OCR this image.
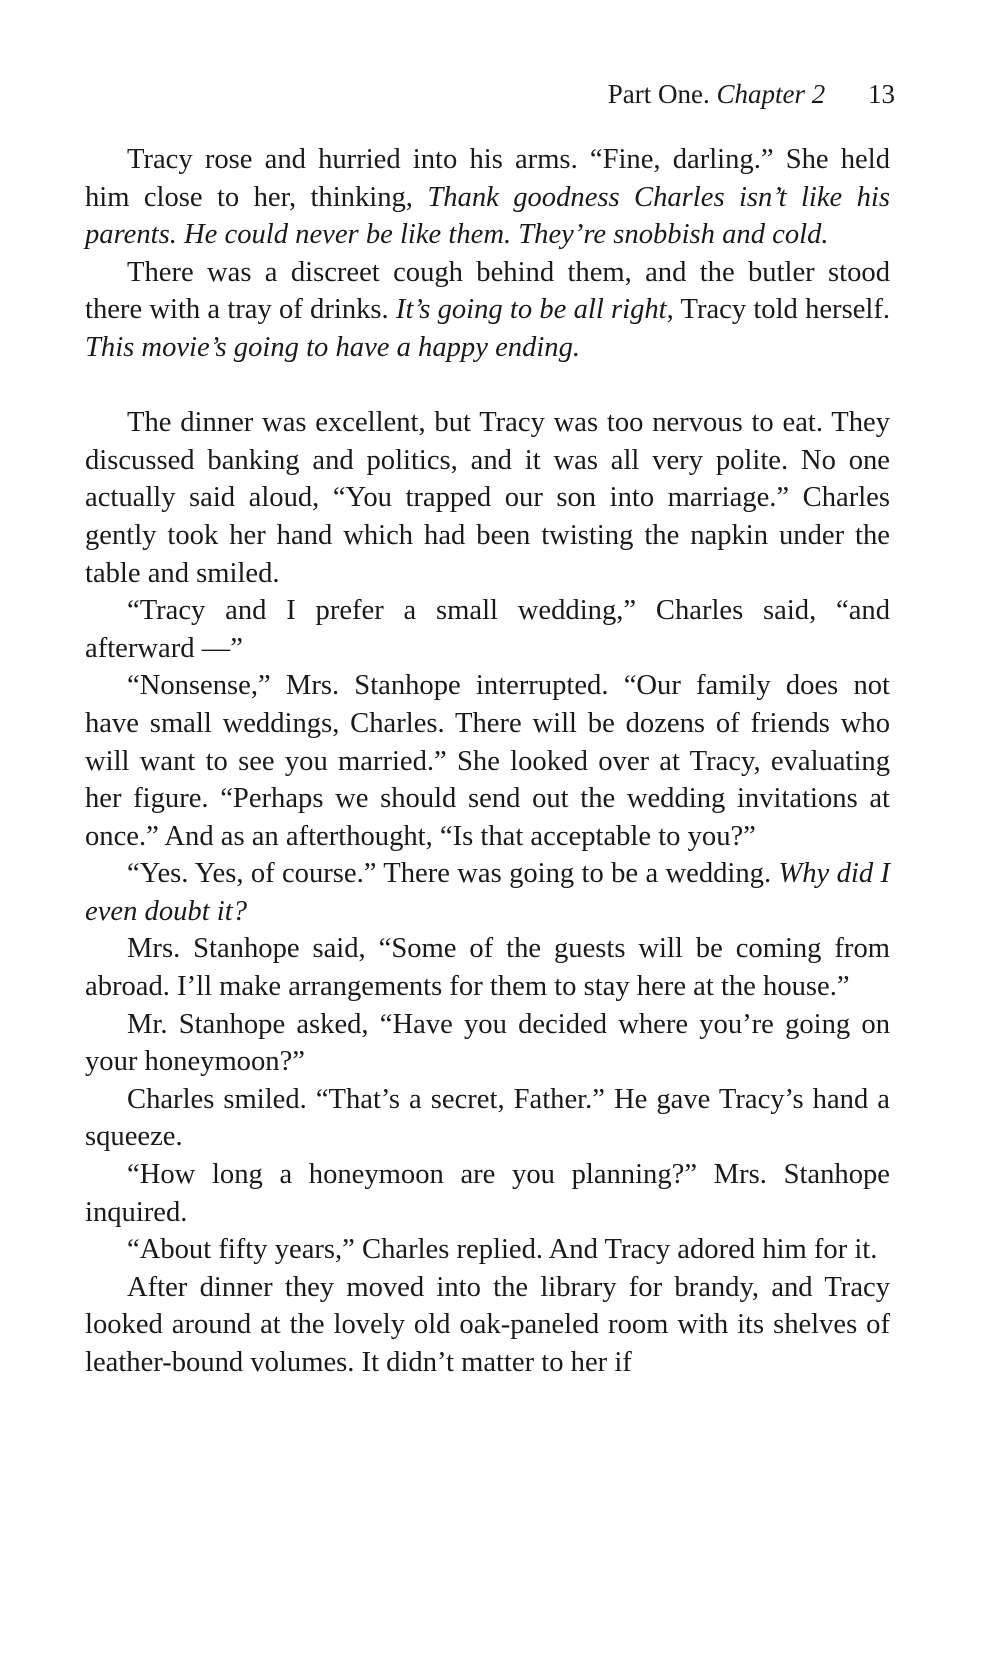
Part One. Chapter 2 13

Tracy rose and hurried into his arms. “Fine, darling.” She held him close to her, thinking, Thank goodness Charles isn’t like his parents. He could never be like them. They’re snobbish and cold.

There was a discreet cough behind them, and the butler stood there with a tray of drinks. It’s going to be all right, Tracy told herself. This movie’s going to have a happy ending.

The dinner was excellent, but Tracy was too nervous to eat. They discussed banking and politics, and it was all very polite. No one actually said aloud, “You trapped our son into marriage.” Charles gently took her hand which had been twisting the napkin under the table and smiled.

“Tracy and I prefer a small wedding,” Charles said, “and afterward —”

“Nonsense,” Mrs. Stanhope interrupted. “Our family does not have small weddings, Charles. There will be dozens of friends who will want to see you married.” She looked over at Tracy, evaluating her figure. “Perhaps we should send out the wedding invitations at once.” And as an afterthought, “Is that acceptable to you?”

“Yes. Yes, of course.” There was going to be a wedding. Why did I even doubt it?

Mrs. Stanhope said, “Some of the guests will be coming from abroad. I’ll make arrangements for them to stay here at the house.”

Mr. Stanhope asked, “Have you decided where you’re going on your honeymoon?”

Charles smiled. “That’s a secret, Father.” He gave Tracy’s hand a squeeze.

“How long a honeymoon are you planning?” Mrs. Stanhope inquired.

“About fifty years,” Charles replied. And Tracy adored him for it.

After dinner they moved into the library for brandy, and Tracy looked around at the lovely old oak-paneled room with its shelves of leather-bound volumes. It didn’t matter to her if
